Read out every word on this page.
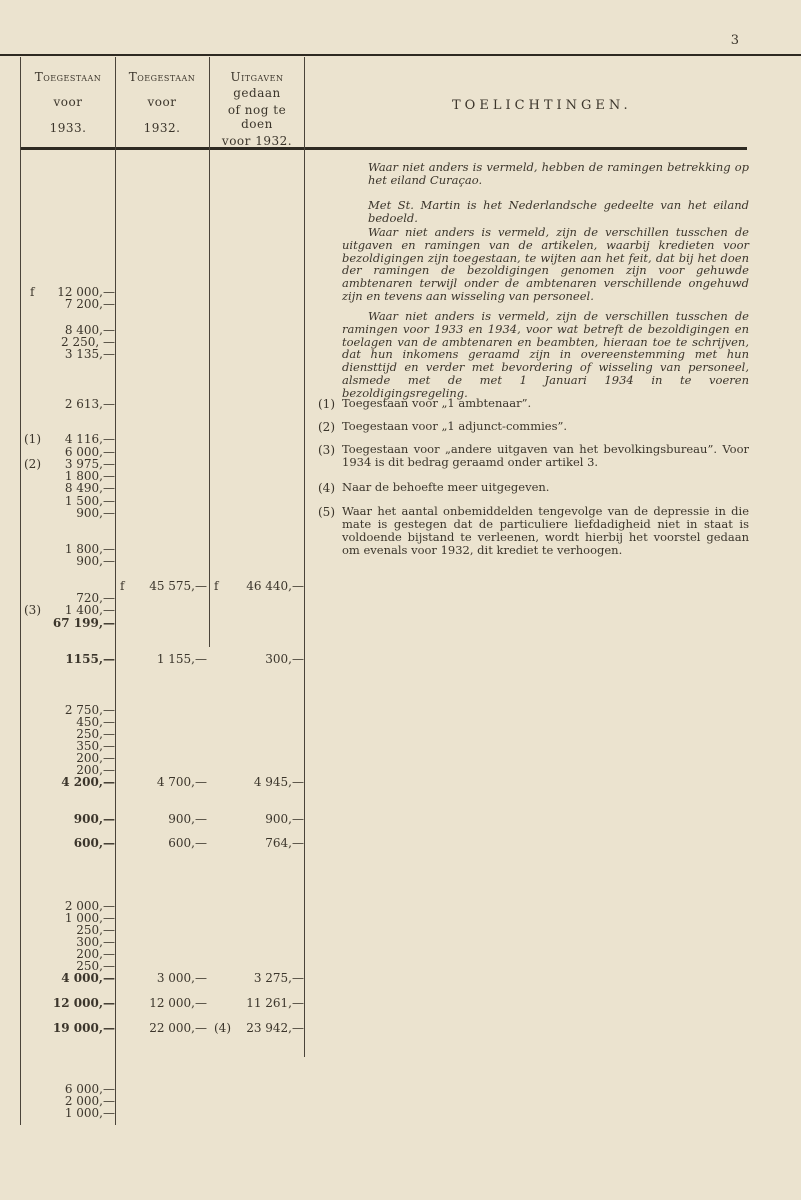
3
Toegestaan
voor
1933.
Toegestaan
voor
1932.
Uitgaven
gedaan
of nog te doen
voor 1932.
TOELICHTINGEN.
Waar niet anders is vermeld, hebben de ramingen betrekking op het eiland Curaçao.
Met St. Martin is het Nederlandsche gedeelte van het eiland bedoeld.
Waar niet anders is vermeld, zijn de verschillen tusschen de uitgaven en ramingen van de artikelen, waarbij kredieten voor bezoldigingen zijn toegestaan, te wijten aan het feit, dat bij het doen der ramingen de bezoldigingen genomen zijn voor gehuwde ambtenaren terwijl onder de ambtenaren verschillende ongehuwd zijn en tevens aan wisseling van personeel.
Waar niet anders is vermeld, zijn de verschillen tusschen de ramingen voor 1933 en 1934, voor wat betreft de bezoldigingen en toelagen van de ambtenaren en beambten, hieraan toe te schrijven, dat hun inkomens geraamd zijn in overeenstemming met hun diensttijd en verder met bevordering of wisseling van personeel, alsmede met de met 1 Januari 1934 in te voeren bezoldigingsregeling.
(1) Toegestaan voor „1 ambtenaar”.
(2) Toegestaan voor „1 adjunct-commies”.
(3) Toegestaan voor „andere uitgaven van het bevolkingsbureau”. Voor 1934 is dit bedrag geraamd onder artikel 3.
(4) Naar de behoefte meer uitgegeven.
(5) Waar het aantal onbemiddelden tengevolge van de depressie in die mate is gestegen dat de particuliere liefdadigheid niet in staat is voldoende bijstand te verleenen, wordt hierbij het voorstel gedaan om evenals voor 1932, dit krediet te verhoogen.
f 12 000,—
7 200,—
8 400,—
2 250, —
3 135,—
2 613,—
(1) 4 116,—
6 000,—
(2) 3 975,—
1 800,—
8 490,—
1 500,—
900,—
1 800,—
900,—
720,—
(3) 1 400,—
67 199,—
1155,—
2 750,—
450,—
250,—
350,—
200,—
200,—
4 200,—
900,—
600,—
2 000,—
1 000,—
250,—
300,—
200,—
250,—
4 000,—
12 000,—
19 000,—
6 000,—
2 000,—
1 000,—
f 45 575,—
1 155,—
4 700,—
900,—
600,—
3 000,—
12 000,—
22 000,—
f 46 440,—
300,—
4 945,—
900,—
764,—
3 275,—
11 261,—
(4) 23 942,—
